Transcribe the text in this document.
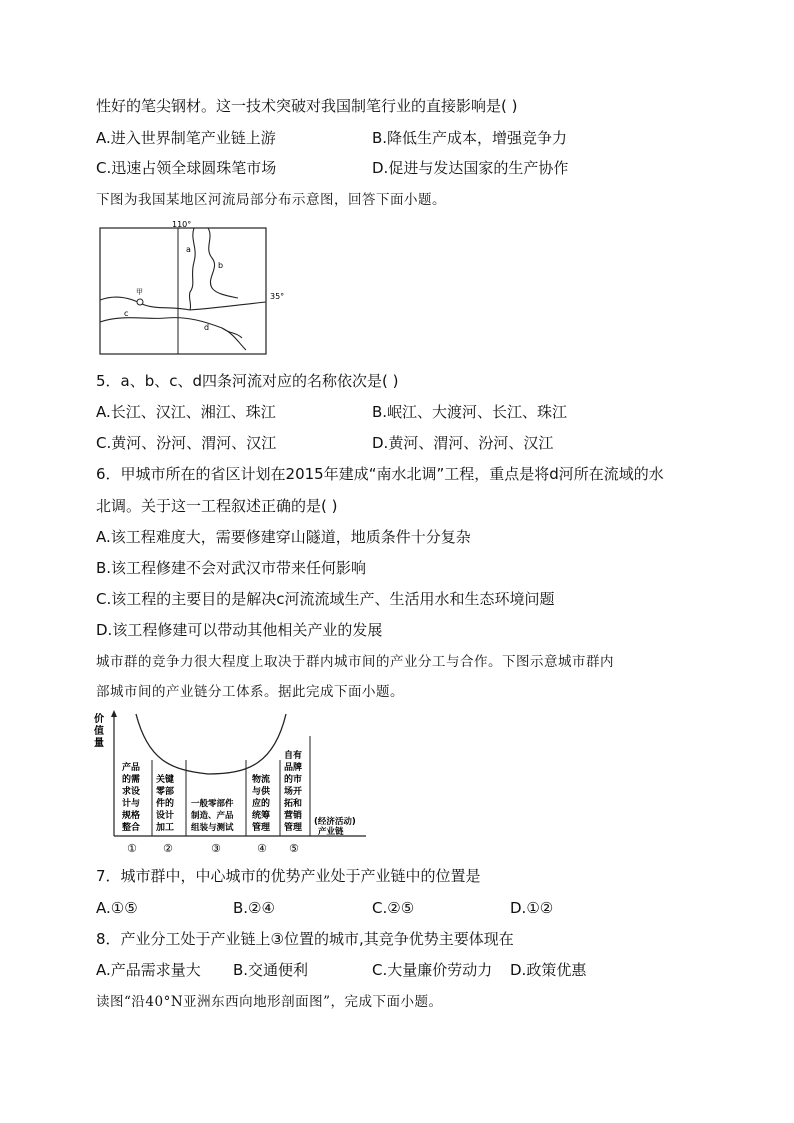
性好的笔尖钢材。这一技术突破对我国制笔行业的直接影响是( )
A.进入世界制笔产业链上游	B.降低生产成本，增强竞争力
C.迅速占领全球圆珠笔市场	D.促进与发达国家的生产协作
下图为我国某地区河流局部分布示意图，回答下面小题。
110°
35°
a
b
c
甲
d
5．a、b、c、d四条河流对应的名称依次是( )
A.长江、汉江、湘江、珠江	B.岷江、大渡河、长江、珠江
C.黄河、汾河、渭河、汉江	D.黄河、渭河、汾河、汉江
6．甲城市所在的省区计划在2015年建成“南水北调”工程，重点是将d河所在流域的水
北调。关于这一工程叙述正确的是( )
A.该工程难度大，需要修建穿山隧道，地质条件十分复杂
B.该工程修建不会对武汉市带来任何影响
C.该工程的主要目的是解决c河流流域生产、生活用水和生态环境问题
D.该工程修建可以带动其他相关产业的发展
城市群的竞争力很大程度上取决于群内城市间的产业分工与合作。下图示意城市群内
部城市间的产业链分工体系。据此完成下面小题。
价
值
量
产品
的需
求设
计与
规格
整合
关键
零部
件的
设计
加工
一般零部件
制造、产品
组装与测试
物流
与供
应的
统筹
管理
自有
品牌
的市
场开
拓和
营销
管理
(经济活动)
产业链
① ②	③	④ ⑤
7．城市群中，中心城市的优势产业处于产业链中的位置是
A.①⑤	B.②④	C.②⑤	D.①②
8．产业分工处于产业链上③位置的城市,其竞争优势主要体现在
A.产品需求量大 B.交通便利	C.大量廉价劳动力 D.政策优惠
读图“沿40°N亚洲东西向地形剖面图”，完成下面小题。
